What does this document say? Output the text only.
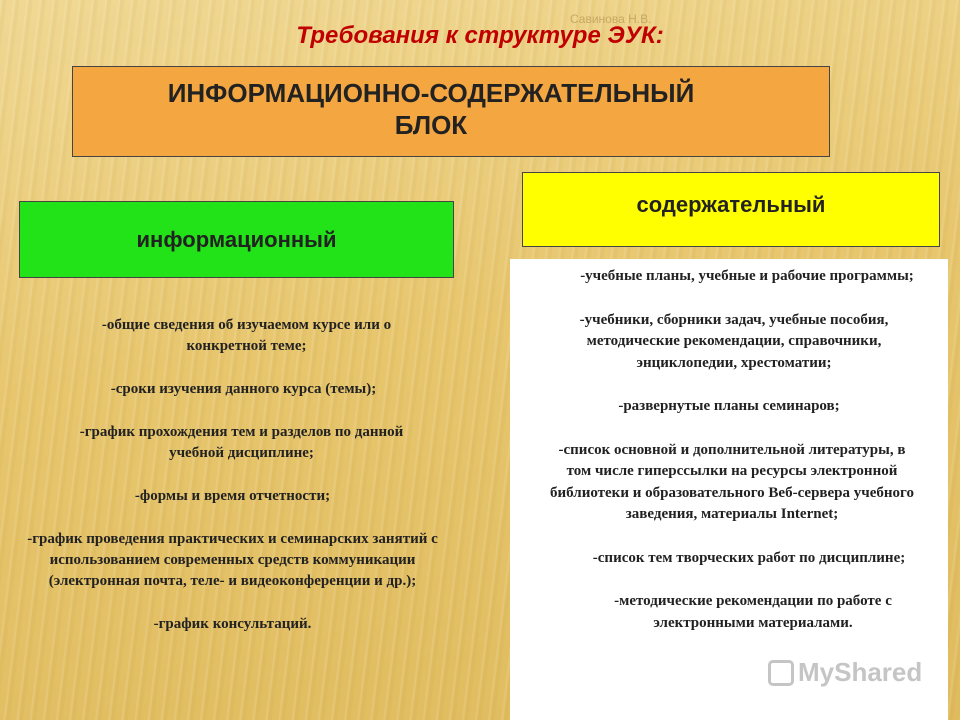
Савинова Н.В.
Требования к структуре ЭУК:
ИНФОРМАЦИОННО-СОДЕРЖАТЕЛЬНЫЙ
БЛОК
информационный
содержательный

-общие сведения об изучаемом курсе или о конкретной теме;

-сроки изучения данного курса (темы);

-график прохождения тем и разделов по данной учебной дисциплине;

-формы и время отчетности;

-график проведения практических и семинарских занятий с использованием современных средств коммуникации (электронная почта, теле- и видеоконференции и др.);

-график консультаций.

-учебные планы, учебные и рабочие программы;

-учебники, сборники задач, учебные пособия, методические рекомендации, справочники, энциклопедии, хрестоматии;

-развернутые планы семинаров;

-список основной и дополнительной литературы, в том числе гиперссылки на ресурсы электронной библиотеки и образовательного Веб-сервера учебного заведения, материалы Internet;

-список тем творческих работ по дисциплине;

-методические рекомендации по работе с электронными материалами.

MyShared
